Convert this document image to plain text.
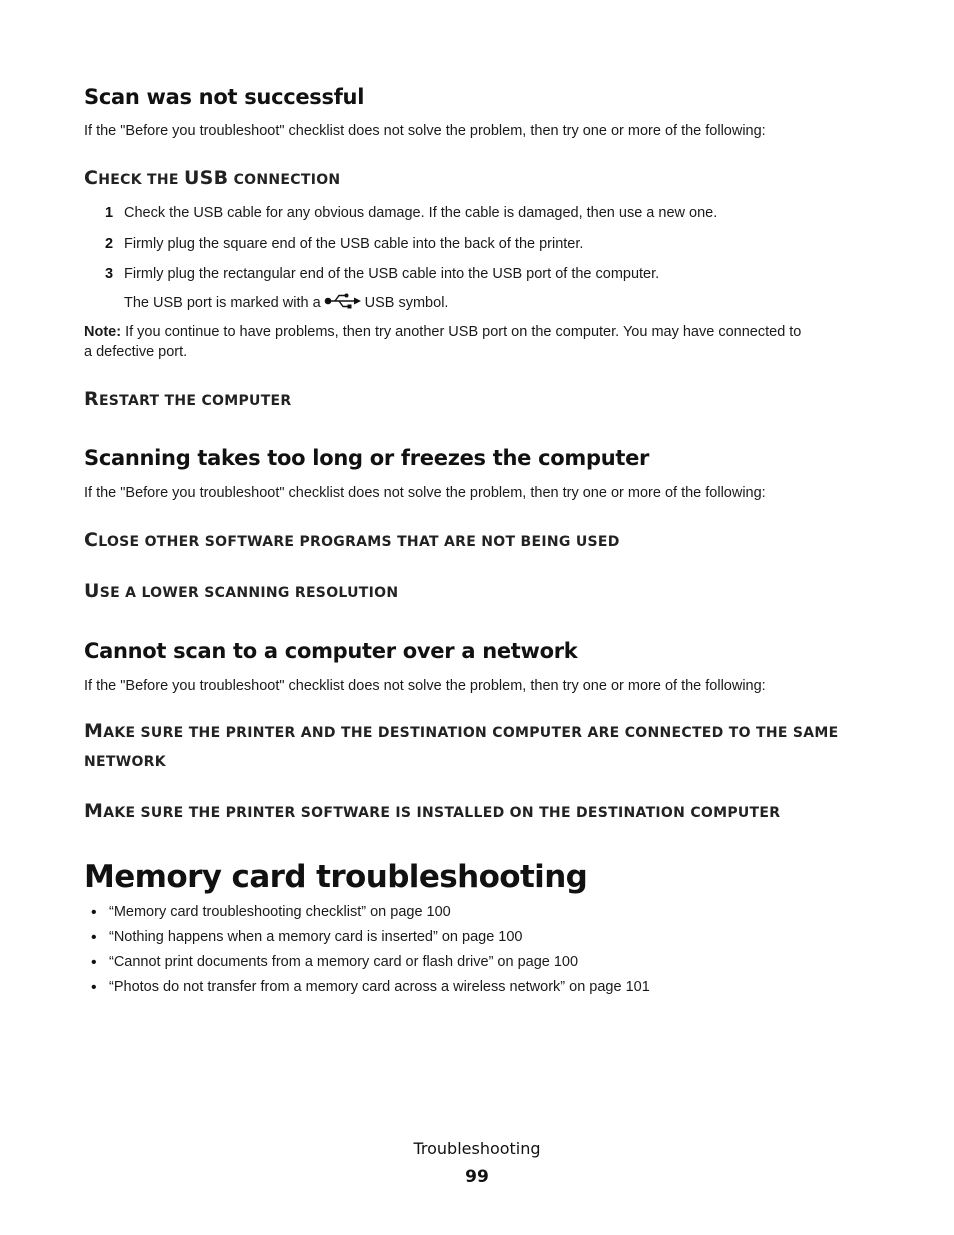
Scan was not successful
If the "Before you troubleshoot" checklist does not solve the problem, then try one or more of the following:
CHECK THE USB CONNECTION
1 Check the USB cable for any obvious damage. If the cable is damaged, then use a new one.
2 Firmly plug the square end of the USB cable into the back of the printer.
3 Firmly plug the rectangular end of the USB cable into the USB port of the computer.
The USB port is marked with a	USB symbol.
Note: If you continue to have problems, then try another USB port on the computer. You may have connected to
a defective port.
RESTART THE COMPUTER
Scanning takes too long or freezes the computer
If the "Before you troubleshoot" checklist does not solve the problem, then try one or more of the following:
CLOSE OTHER SOFTWARE PROGRAMS THAT ARE NOT BEING USED
USE A LOWER SCANNING RESOLUTION
Cannot scan to a computer over a network
If the "Before you troubleshoot" checklist does not solve the problem, then try one or more of the following:
MAKE SURE THE PRINTER AND THE DESTINATION COMPUTER ARE CONNECTED TO THE SAME
NETWORK
MAKE SURE THE PRINTER SOFTWARE IS INSTALLED ON THE DESTINATION COMPUTER
Memory card troubleshooting
• “Memory card troubleshooting checklist” on page 100
• “Nothing happens when a memory card is inserted” on page 100
• “Cannot print documents from a memory card or flash drive” on page 100
• “Photos do not transfer from a memory card across a wireless network” on page 101
Troubleshooting
99
